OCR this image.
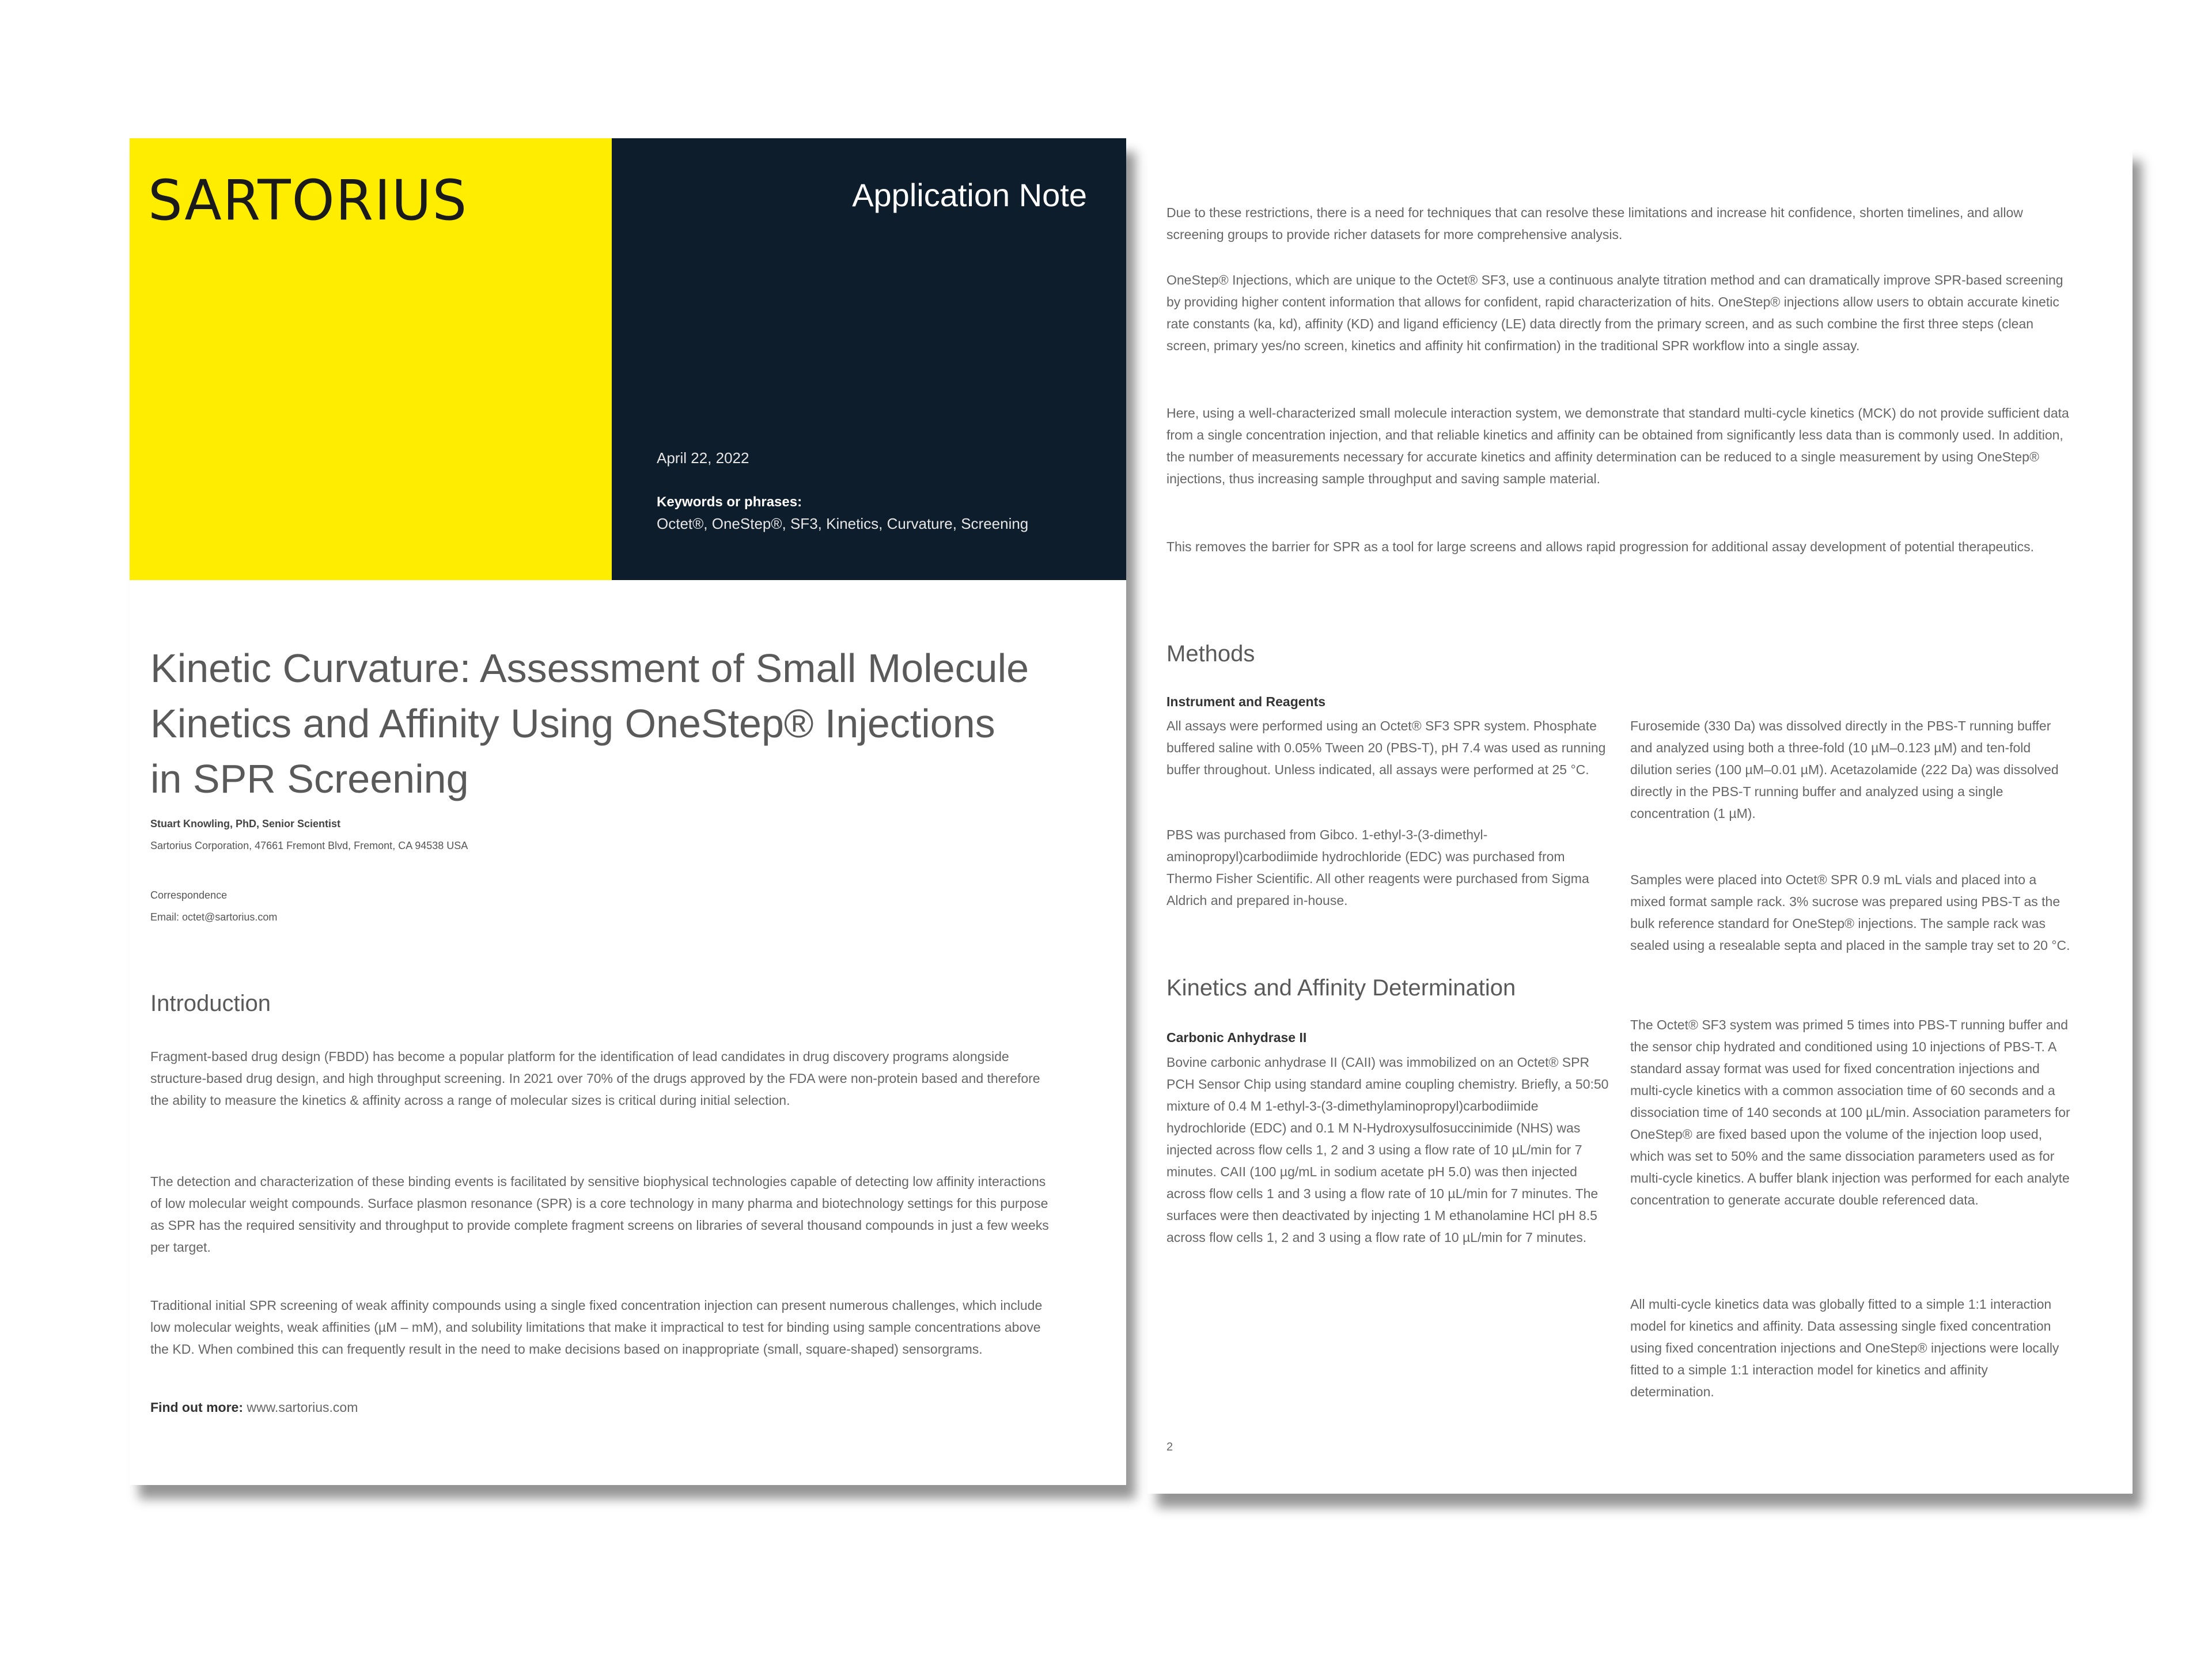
SARTORIUS	Application Note
April 22, 2022
Keywords or phrases:
Octet®, OneStep®, SF3, Kinetics, Curvature, Screening
Kinetic Curvature: Assessment of Small Molecule Kinetics and Affinity Using OneStep® Injections in SPR Screening
Stuart Knowling, PhD, Senior Scientist
Sartorius Corporation, 47661 Fremont Blvd, Fremont, CA 94538 USA
Correspondence
Email: octet@sartorius.com
Introduction

Fragment-based drug design (FBDD) has become a popular platform for the identification of lead candidates in drug discovery programs alongside structure-based drug design, and high throughput screening. In 2021 over 70% of the drugs approved by the FDA were non-protein based and therefore the ability to measure the kinetics & affinity across a range of molecular sizes is critical during initial selection.

The detection and characterization of these binding events is facilitated by sensitive biophysical technologies capable of detecting low affinity interactions of low molecular weight compounds. Surface plasmon resonance (SPR) is a core technology in many pharma and biotechnology settings for this purpose as SPR has the required sensitivity and throughput to provide complete fragment screens on libraries of several thousand compounds in just a few weeks per target.

Traditional initial SPR screening of weak affinity compounds using a single fixed concentration injection can present numerous challenges, which include low molecular weights, weak affinities (µM – mM), and solubility limitations that make it impractical to test for binding using sample concentrations above the KD. When combined this can frequently result in the need to make decisions based on inappropriate (small, square-shaped) sensorgrams.

Find out more: www.sartorius.com

Due to these restrictions, there is a need for techniques that can resolve these limitations and increase hit confidence, shorten timelines, and allow screening groups to provide richer datasets for more comprehensive analysis.

OneStep® Injections, which are unique to the Octet® SF3, use a continuous analyte titration method and can dramatically improve SPR-based screening by providing higher content information that allows for confident, rapid characterization of hits. OneStep® injections allow users to obtain accurate kinetic rate constants (ka, kd), affinity (KD) and ligand efficiency (LE) data directly from the primary screen, and as such combine the first three steps (clean screen, primary yes/no screen, kinetics and affinity hit confirmation) in the traditional SPR workflow into a single assay.

Here, using a well-characterized small molecule interaction system, we demonstrate that standard multi-cycle kinetics (MCK) do not provide sufficient data from a single concentration injection, and that reliable kinetics and affinity can be obtained from significantly less data than is commonly used. In addition, the number of measurements necessary for accurate kinetics and affinity determination can be reduced to a single measurement by using OneStep® injections, thus increasing sample throughput and saving sample material.

This removes the barrier for SPR as a tool for large screens and allows rapid progression for additional assay development of potential therapeutics.

Methods
Instrument and Reagents

All assays were performed using an Octet® SF3 SPR system. Phosphate buffered saline with 0.05% Tween 20 (PBS-T), pH 7.4 was used as running buffer throughout. Unless indicated, all assays were performed at 25 °C.

PBS was purchased from Gibco. 1-ethyl-3-(3-dimethyl-aminopropyl)carbodiimide hydrochloride (EDC) was purchased from Thermo Fisher Scientific. All other reagents were purchased from Sigma Aldrich and prepared in-house.

Kinetics and Affinity Determination
Carbonic Anhydrase II

Bovine carbonic anhydrase II (CAII) was immobilized on an Octet® SPR PCH Sensor Chip using standard amine coupling chemistry. Briefly, a 50:50 mixture of 0.4 M 1-ethyl-3-(3-dimethylaminopropyl)carbodiimide hydrochloride (EDC) and 0.1 M N-Hydroxysulfosuccinimide (NHS) was injected across flow cells 1, 2 and 3 using a flow rate of 10 µL/min for 7 minutes. CAII (100 µg/mL in sodium acetate pH 5.0) was then injected across flow cells 1 and 3 using a flow rate of 10 µL/min for 7 minutes. The surfaces were then deactivated by injecting 1 M ethanolamine HCl pH 8.5 across flow cells 1, 2 and 3 using a flow rate of 10 µL/min for 7 minutes.

Furosemide (330 Da) was dissolved directly in the PBS-T running buffer and analyzed using both a three-fold (10 µM–0.123 µM) and ten-fold dilution series (100 µM–0.01 µM). Acetazolamide (222 Da) was dissolved directly in the PBS-T running buffer and analyzed using a single concentration (1 µM).

Samples were placed into Octet® SPR 0.9 mL vials and placed into a mixed format sample rack. 3% sucrose was prepared using PBS-T as the bulk reference standard for OneStep® injections. The sample rack was sealed using a resealable septa and placed in the sample tray set to 20 °C.

The Octet® SF3 system was primed 5 times into PBS-T running buffer and the sensor chip hydrated and conditioned using 10 injections of PBS-T. A standard assay format was used for fixed concentration injections and multi-cycle kinetics with a common association time of 60 seconds and a dissociation time of 140 seconds at 100 µL/min. Association parameters for OneStep® are fixed based upon the volume of the injection loop used, which was set to 50% and the same dissociation parameters used as for multi-cycle kinetics. A buffer blank injection was performed for each analyte concentration to generate accurate double referenced data.

All multi-cycle kinetics data was globally fitted to a simple 1:1 interaction model for kinetics and affinity. Data assessing single fixed concentration using fixed concentration injections and OneStep® injections were locally fitted to a simple 1:1 interaction model for kinetics and affinity determination.

2
